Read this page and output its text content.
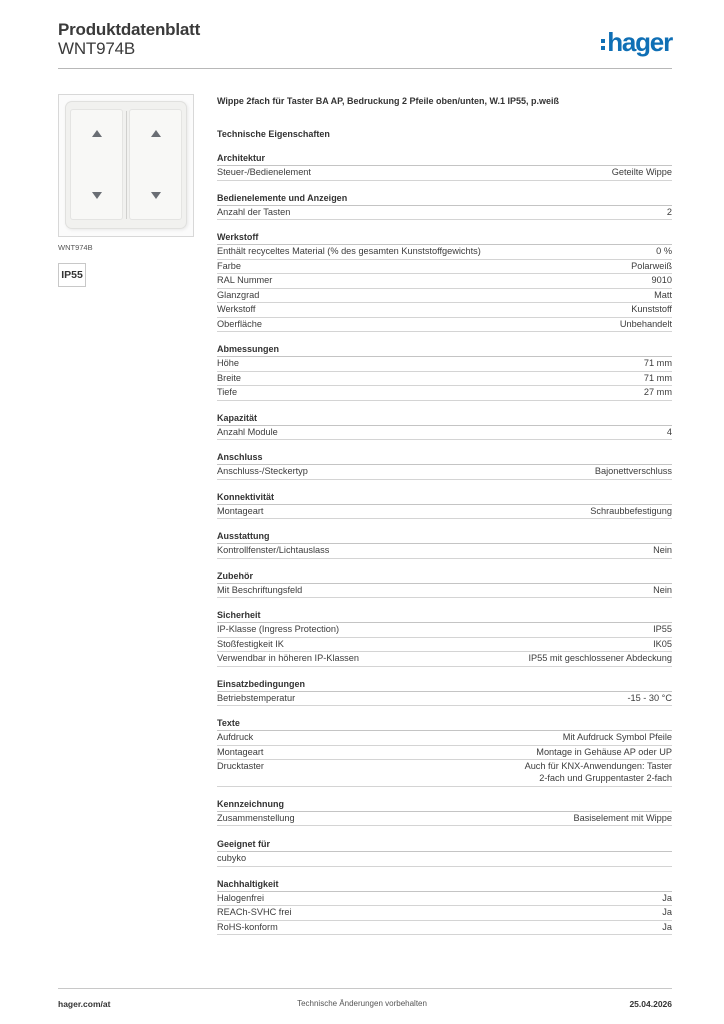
Produktdatenblatt
WNT974B	hager
WNT974B
IP55
Wippe 2fach für Taster BA AP, Bedruckung 2 Pfeile oben/unten, W.1 IP55, p.weiß
Technische Eigenschaften
Architektur
Steuer-/Bedienelement	Geteilte Wippe
Bedienelemente und Anzeigen
Anzahl der Tasten	2
Werkstoff
Enthält recyceltes Material (% des gesamten Kunststoffgewichts)	0 %
Farbe	Polarweiß
RAL Nummer	9010
Glanzgrad	Matt
Werkstoff	Kunststoff
Oberfläche	Unbehandelt
Abmessungen
Höhe	71 mm
Breite	71 mm
Tiefe	27 mm
Kapazität
Anzahl Module	4
Anschluss
Anschluss-/Steckertyp	Bajonettverschluss
Konnektivität
Montageart	Schraubbefestigung
Ausstattung
Kontrollfenster/Lichtauslass	Nein
Zubehör
Mit Beschriftungsfeld	Nein
Sicherheit
IP-Klasse (Ingress Protection)	IP55
Stoßfestigkeit IK	IK05
Verwendbar in höheren IP-Klassen	IP55 mit geschlossener Abdeckung
Einsatzbedingungen
Betriebstemperatur	-15 - 30 °C
Texte
Aufdruck	Mit Aufdruck Symbol Pfeile
Montageart	Montage in Gehäuse AP oder UP
Drucktaster	Auch für KNX-Anwendungen: Taster
2-fach und Gruppentaster 2-fach
Kennzeichnung
Zusammenstellung	Basiselement mit Wippe
Geeignet für
cubyko
Nachhaltigkeit
Halogenfrei	Ja
REACh-SVHC frei	Ja
RoHS-konform	Ja
hager.com/at	Technische Änderungen vorbehalten	25.04.2026
